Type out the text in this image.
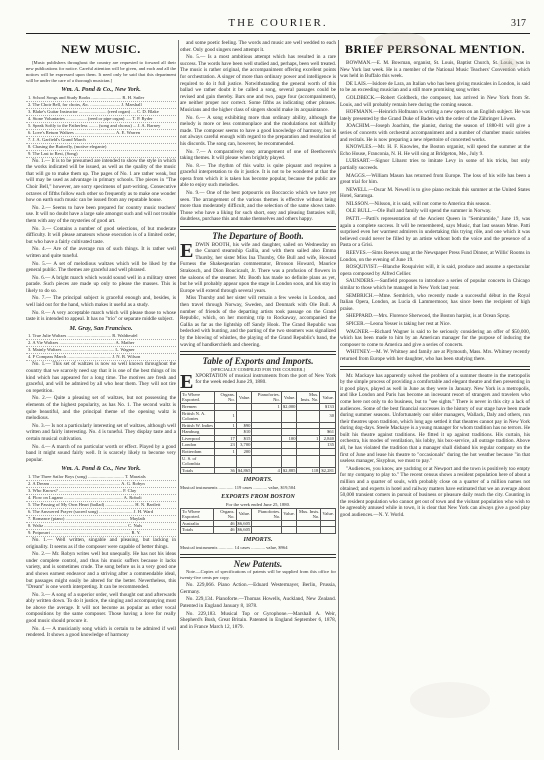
THE COURIER.	317
NEW MUSIC.

[Music publishers throughout the country are requested to forward all their new publications for notice. Careful attention will be given, and each and all the notices will be expressed upon them. It need only be said that this department will be under the care of a thorough musician.]

Wm. A. Pond & Co., New York.
1. School Songs and Study Books .......................... R. H. Sailer
2. The Choir Bell, for choirs, &c. .......................... J. Marshall
3. Blake's Guitar Instructor ........................ (reed organ) .... C. D. Blake
4. Stone Voluntaries .................. (reed or pipe organ) ..... T. P. Ryder
5. Speak Softly to the Fatherless ........ (song and chorus) ... J. A. Barney
6. Love's Return Waltzes ................................... A. E. Warren
7. J. A. Garfield's Grand March
8. Chasing the Butterfly, (motive elegante)
9. The Last to Rest, (Song)

No. 1.— It is to be presumed are intended to show the style in which the works indicated will be issued, as well as the quality of the music that will go to make them up. The pages of No. 1 are rather weak, but will may be used as advantage in primary schools. The pieces in "The Choir Bell," however, are sorry specimens of part-writing. Consecutive octaves of fifths follow each other so frequently as to make one wonder how on earth such music can be issued from any reputable house.

No. 2.— Seems to have been prepared for country music teachers' use. It will no doubt have a large sale amongst such and will not trouble them with any of the mysteries of good art.

No. 3.— Contains a number of good selections, of but moderate difficulty. It will please amateurs whose execution is of a limited order, but who have a fairly cultivated taste.

No. 4.— Are of the average run of such things. It is rather well written and quite tuneful.

No. 5.— A set of melodious waltzes which will be liked by the general public. The themes are graceful and well phrased.

No. 6.— A bright march which would sound well in a military street parade. Such pieces are made up only to please the masses. This is likely to do so.

No. 7.— The principal subject is graceful enough and, besides, is well laid out for the hand, which makes it useful as a study.

No. 8.— A very acceptable march which will please those to whose taste it is intended to appeal. It has no "trio" or separate middle subject.

M. Gray, San Francisco.
1. True Julie Waltzes ...................................... R. Waldteufel
2. A Vie Waltzes ................................................ A. Mather
3. Mainly Waltzes ............................................. L. Wagner
4. F Compass March ...................................... J. N. B. Wilson

No. 1.— This set of waltzes is now so well known throughout the country that we scarcely need say that it is one of the best things of its kind which has appeared for a long time. The motives are fresh and graceful, and will be admired by all who hear them. They will not tire on repetition.

No. 2.— Quite a pleasing set of waltzes, but not possessing the elements of the highest popularity, as has No. 1. The second waltz is quite beautiful, and the principal theme of the opening waltz is melodious.

No. 3.— Is not a particularly interesting set of waltzes, although well written and fairly interesting. No. 4 is tuneful. They display taste and a certain musical cultivation.

No. 4.— A march of no particular worth or effect. Played by a good band it might sound fairly well. It is scarcely likely to become very popular.

Wm. A. Pond & Co., New York.
1. The Three Sailor Boys (song) ............................... T. Marzials
2. A Dream ............................................................. A. G. Robyn
3. Who Knows? ....................................................... F. Clay
4. Flow on Lugano ................................................... A. Roboli
5. The Passing of My Own Heart (ballad) ......................... H. N. Bartlett
6. The Answered Prayer (sacred song) ............................. J. H. Ward
7. Romance (piano) ....................................................... Maylath
8. Waltz ........................................................................ C. Nuls
9. Potpourri ..................................................................... R. Y.

No. 1.— Well written, singable and pleasing, but lacking in originality. It seems as if the composer were capable of better things.

No. 2.— Mr. Robyn writes well but unequally. He has not his ideas under complete control, and thus his music suffers because it lacks variety, and is sometimes crude. The song before us is a very good one and shows earnest endeavor and a striving after a commendable ideal, but passages might easily be altered for the better. Nevertheless, this "Dream" is one worth interpreting. It can be recommended.

No. 3.— A song of a superior order, well thought out and afterwards ably written down. To do it justice, the singing and accompanying must be above the average. It will not become as popular as other vocal compositions by the same composer. Those having a love for really good music should procure it.

No. 4.— A musicianly song which is certain to be admired if well rendered. It shows a good knowledge of harmony

and some poetic feeling. The words and music are well wedded to each other. Only good singers need attempt it.

No. 5.— Is a most ambitious attempt which has resulted in a rare success. The words have been well studied and, perhaps, been well treated. The music is rather original, the accompaniment offering excellent points for orchestration. A singer of more than ordinary power and intelligence is required to do it full justice. Notwithstanding the general worth of this ballad we rather doubt it be called a song, several passages could be revised and gain thereby. Bars one and two, page four (accompaniment), are neither proper nor correct. Some fifths as indicating other phrases. Musicians and the higher class of singers should make its acquaintance.

No. 6.— A song exhibiting more than ordinary ability, although the melody is more or less commonplace and the modulations not skilfully made. The composer seems to have a good knowledge of harmony, but is not always careful enough with regard to the preparation and resolution of his discords. The song can, however, be recommended.

No. 7.— A comparatively easy arrangement of one of Beethoven's taking themes. It will please when brightly played.

No. 8.— The rhythm of this waltz is quite piquant and requires a graceful interpretation to do it justice. It is not to be wondered at that the opera from which it is taken has become popular, because the public are able to enjoy such melodies.

No. 9.— One of the best potpourris on Boccaccio which we have yet seen. The arrangement of the various themes is effective without being more than moderately difficult, and the selection of the same shows taste. Those who have a liking for such short, easy and pleasing fantasies will, doubtless, purchase this and make themselves and others happy.

The Departure of Booth.

EDWIN BOOTH, his wife and daughter, sailed on Wednesday on the Cunard steamship Gallia, and with them sailed also Emma Thursby, her sister Miss Ina Thursby, Ole Bull and wife, Howard Furness the Shakespearian commentator, Bronson Howard, Maurice Strakosch, and Dion Boucicault, Jr. There was a profusion of flowers in the saloons of the steamer. Mr. Booth has made no definite plans as yet, but he will probably appear upon the stage in London soon, and his stay in Europe will extend through several years.

Miss Thursby and her sister will remain a few weeks in London, and then travel through Norway, Sweden, and Denmark with Ole Bull. A number of friends of the departing artists took passage on the Grand Republic, which, on her morning trip to Rockaway, accompanied the Gallia as far as the lightship off Sandy Hook. The Grand Republic was bedecked with bunting, and the parting of the two steamers was signalized by the blowing of whistles, the playing of the Grand Republic's band, the waving of handkerchiefs and cheering.

Table of Exports and Imports.
[SPECIALLY COMPILED FOR THE COURIER.]

EXPORTATION of musical instruments from the port of New York for the week ended June 29, 1880.

To Where Exported.	Organs. No.	Value.	Pianofortes. No.	Value.	Mus. Insts. No.	Value.
Bremen			1	$2,000		$133
British N. A. Colonies	1					30
British W. Indies	1	$90				
Hamburg		$10				$61
Liverpool	17	$15		100	1	2,840
London	23	3,700				135
Rotterdam	1	200				
U. S. of Colombia						
Totals	36	$4,865	4	$2,885	118	$2,281
IMPORTS.
Musical instruments ............. 119 cases ............ value, $19,504
EXPORTS FROM BOSTON
For the week ended June 25, 1880.
To Where Exported.	Organs. No.	Value.	Pianofortes. No.	Value.	Mus. Insts. No.	Value.
Australia	46	$6,605				
Totals	46	$6,605				
IMPORTS.
Musical instruments ............. 14 cases ............ value, $964
New Patents.

Note.—Copies of specifications of patents will be supplied from this office for twenty-five cents per copy.

No. 229,066. Piano Action.—Eduard Westermayer, Berlin, Prussia, Germany.

No. 229,134. Pianoforte.—Thomas Howells, Auckland, New Zealand. Patented in England January 8, 1878.

No. 229,183. Musical Top or Gyrophone.—Marshall A. Weir, Shepherd's Bush, Great Britain. Patented in England September 6, 1878, and in France March 12, 1879.

BRIEF PERSONAL MENTION.

BOWMAN.—E. M. Bowman, organist, St. Louis, Baptist Church, St. Louis, was in New York last week. He is a member of the National Music Teachers' Convention which was held in Buffalo this week.

DE LAIS.—Isidore de Lara, an Italian who has been giving musicales in London, is said to be an exceeding musician and a still more promising song writer.

GOLDBECK.—Robert Goldbeck, the composer, has arrived in New York from St. Louis, and will probably remain here during the coming season.

HOFMANN.—Heinrich Hofmann is writing a new opera on an English subject. He was lately presented by the Grand Duke of Baden with the order of the Zähringer Löwen.

JOACHIM.—Joseph Joachim, the pianist, during the season of 1880-81 will give a series of concerts with orchestral accompaniment and a number of chamber music soirées and recitals. He is now preparing a new répertoire of concerted works.

KNOWLES.—Mr. H. F. Knowles, the Boston organist, will spend the summer at the Echo House, Franconia, N. H. He will sing at Bridgeton, Me., July 9.

LUBSART.—Signor Libarst tries to imitate Levy in some of his tricks, but only partially succeeds.

MAGGS.—William Mason has returned from Europe. The loss of his wife has been a great trial for him.

NEWELL.—Oscar M. Newell is to give piano recitals this summer at the United States Hotel, Saratoga.

NILSSON.—Nilsson, it is said, will not come to America this season.

OLE BULL.—Ole Bull and family will spend the summer in Norway.

PATTI.—Patti's representation of the Ancient Queen in "Semiramide," June 19, was again a complete success. It will be remembered, says Music, that last season Mme. Patti surprised even her warmest admirers in undertaking this trying rôle, and one which it was believed could never be filled by an artiste without both the voice and the presence of a Pasta or a Grisi.

REEVES.—Sims Reeves sang at the Newspaper Press Fund Dinner, at Willis' Rooms in London, on the evening of June 19.

ROSQUIVIST.—Blanche Rosquivist will, it is said, produce and assume a spectacular opera composed by Alfred Cellier.

SAUNDERS.—Sanfield proposes to introduce a series of popular concerts in Chicago similar to those which he managed in New York last year.

SEMBRICH.—Mme. Sembrich, who recently made a successful début in the Royal Italian Opera, London, as Lucia di Lammermoor, has since been the recipient of high praise.

SHEPPARD.—Mrs. Florence Sherwood, the Boston harpist, is at Ocean Spray.

SPICER.—Leona Yesser is taking her rest at Nice.

WAGNER.—Richard Wagner is said to be seriously considering an offer of $50,000, which has been made to him by an American manager for the purpose of inducing the composer to come to America and give a series of concerts.

WHITNEY.—M. W. Whitney and family are at Plymouth, Mass. Mrs. Whitney recently returned from Europe with her daughter, who has been studying there.

Mr. Mackaye has apparently solved the problem of a summer theatre in the metropolis by the simple process of providing a comfortable and elegant theatre and then presenting in it good plays, played as well in June as they were in January. New York is a metropolis, and like London and Paris has become an incessant resort of strangers and travelers who come here not only to do business, but to "see sights." There is never in this city a lack of audiences. Some of the best financial successes in the history of our stage have been made during summer seasons. Unfortunately our older managers, Wallack, Daly and others, run their theatres upon tradition, which long ago settled it that theatres cannot pay in New York during dog-days. Steele Mackaye is a young manager for whom tradition has no terrors. He built his theatre against traditions. He fitted it up against traditions. His curtain, his orchestra, his modes of ventilation, his lobby, his box-service, all outrage tradition. Above all, he has violated the tradition that a manager shall disband his regular company on the first of June and lease his theatre to "occasionals" during the hot weather because "in that useless manager, Sisyphus, we must to pay."

"Audiences, you know, are yachting or at Newport and the town is positively too empty for my company to play to." The recent census shows a resident population here of about a million and a quarter of souls, with probably close on a quarter of a million names not obtained; and experts in hotel and railway matters have estimated that we an average about 50,000 transient comers in pursuit of business or pleasure daily reach the city. Counting in the resident population who cannot get out of town and the visitant population who wish to be agreeably amused while in town, it is clear that New York can always give a good play good audiences.—N. Y. World.
